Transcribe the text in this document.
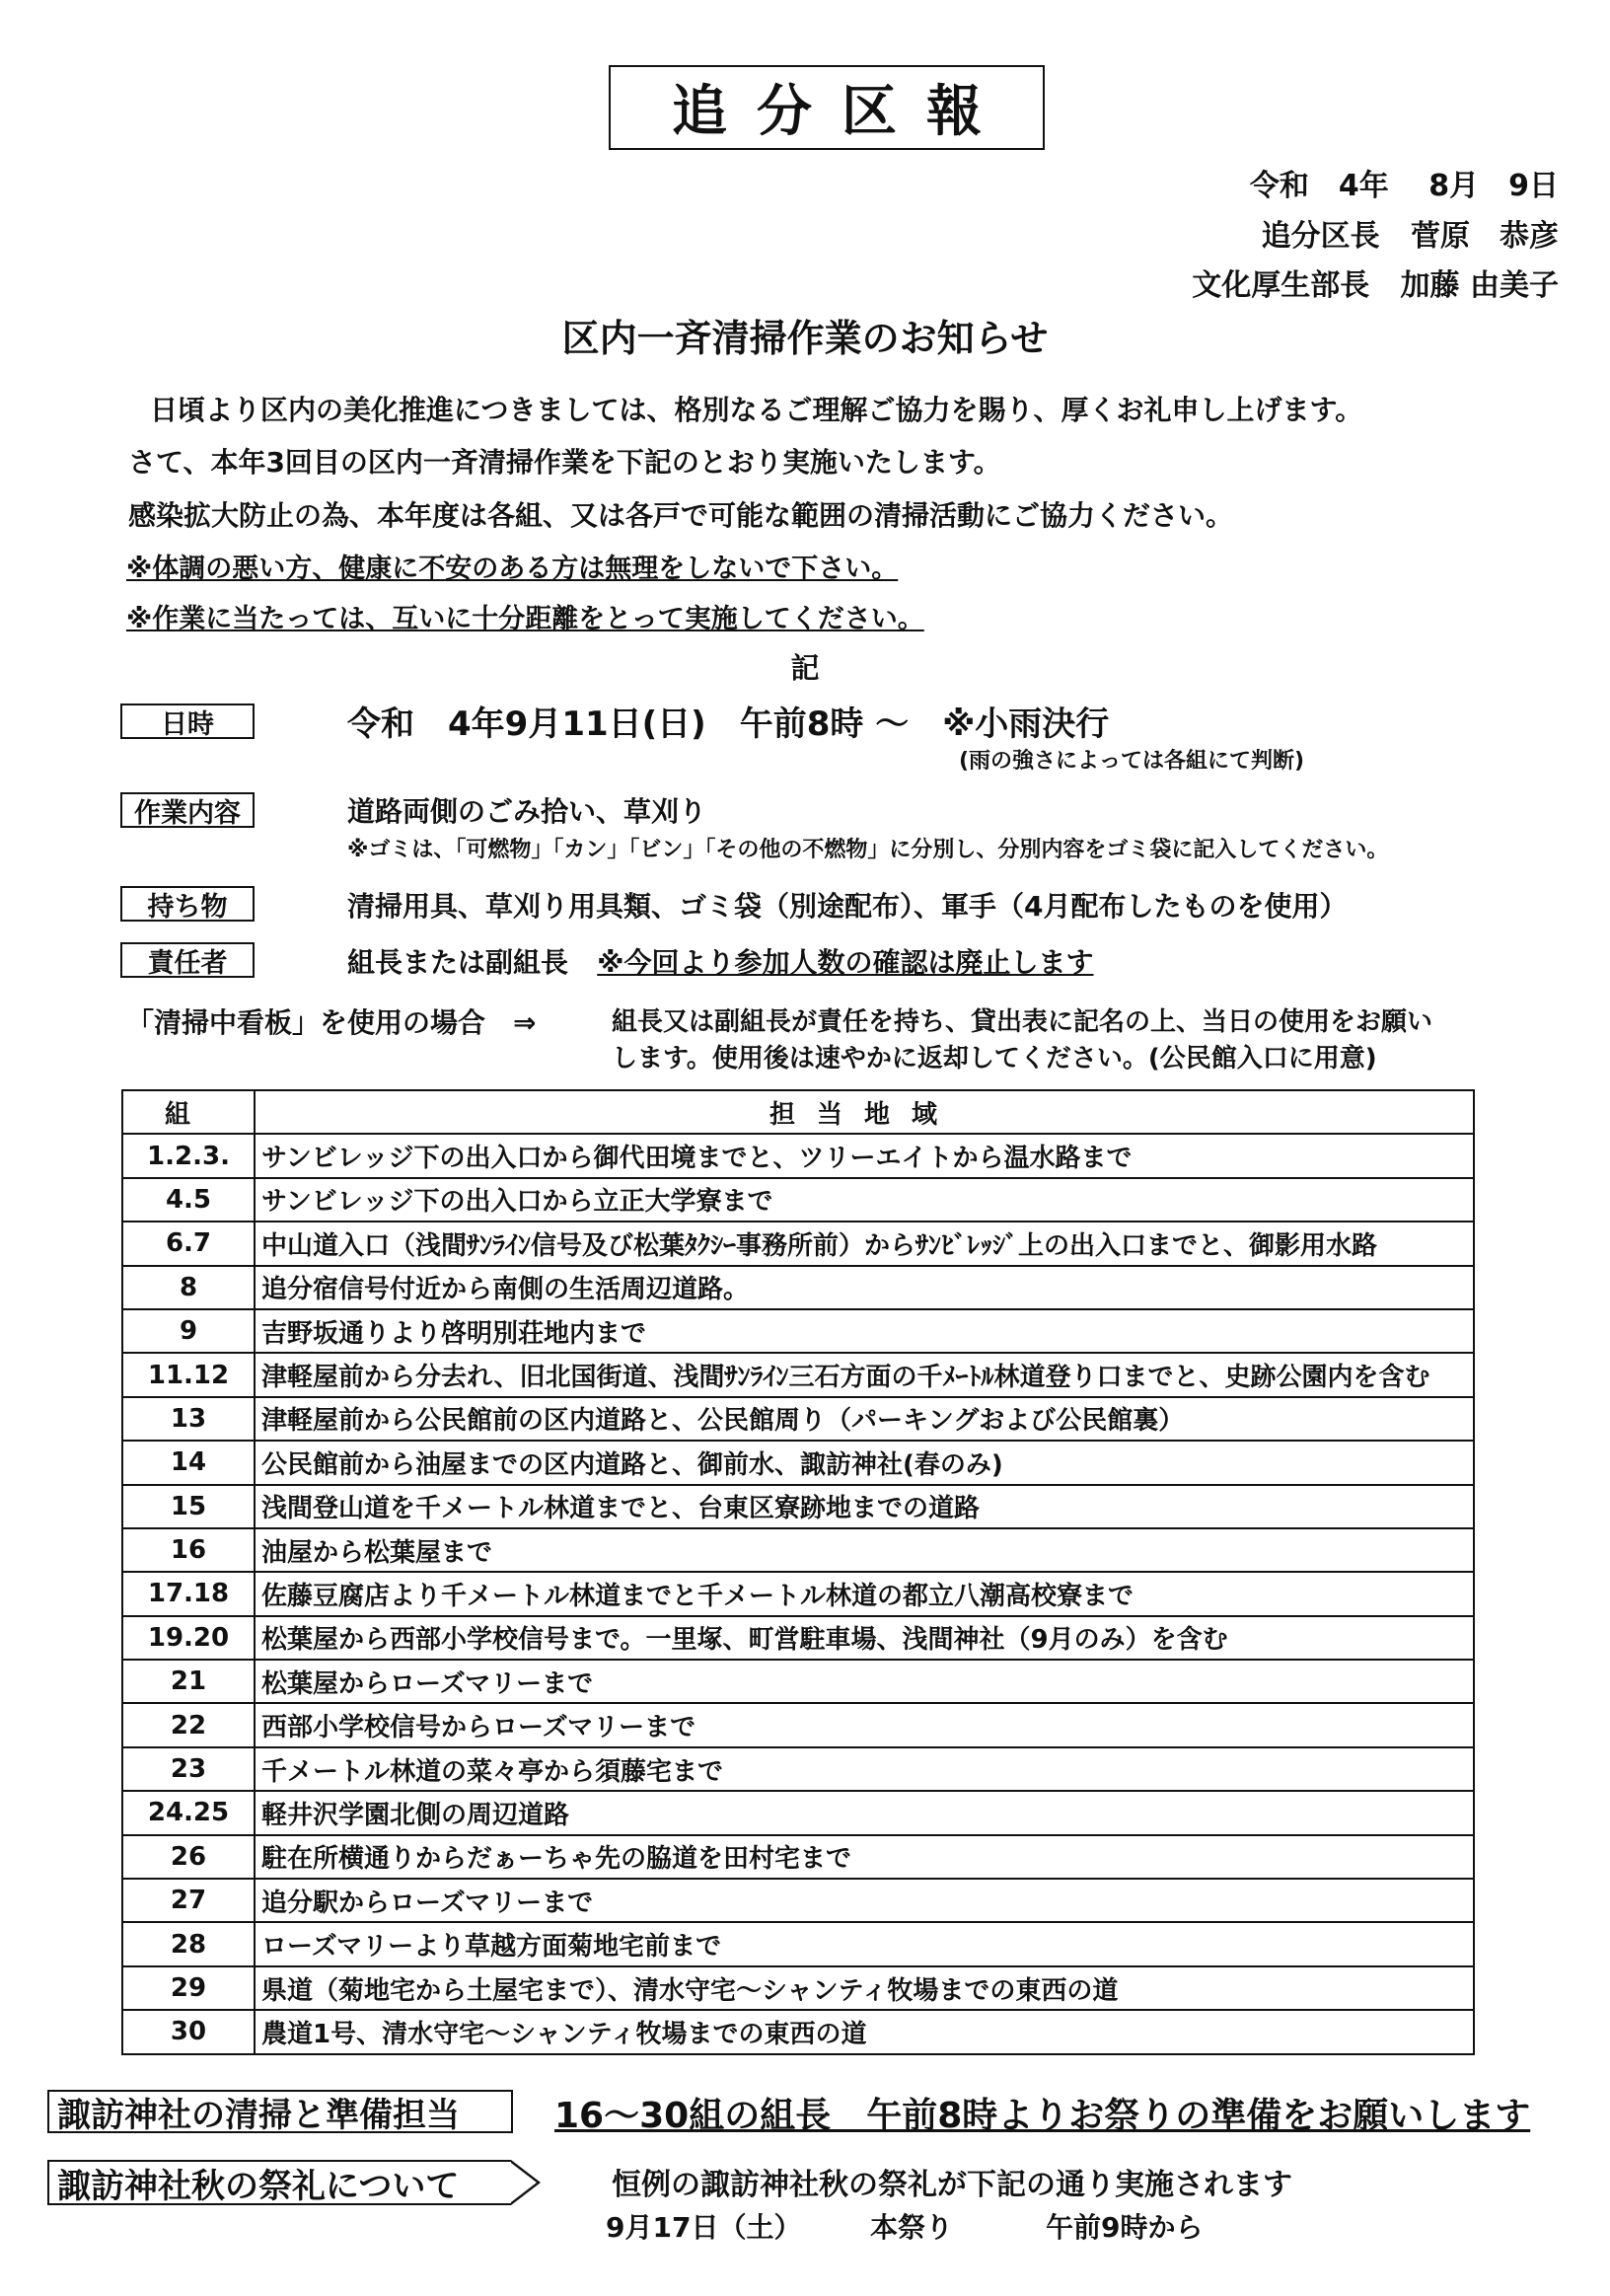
追分区報
令和　4年　 8月　9日
追分区長 菅原　恭彦
文化厚生部長 加藤 由美子
区内一斉清掃作業のお知らせ
日頃より区内の美化推進につきましては、格別なるご理解ご協力を賜り、厚くお礼申し上げます。
さて、本年3回目の区内一斉清掃作業を下記のとおり実施いたします。
感染拡大防止の為、本年度は各組、又は各戸で可能な範囲の清掃活動にご協力ください。
※体調の悪い方、健康に不安のある方は無理をしないで下さい。
※作業に当たっては、互いに十分距離をとって実施してください。
記
日時	令和　4年9月11日(日)　午前8時 ～　※小雨決行
(雨の強さによっては各組にて判断)
作業内容	道路両側のごみ拾い、草刈り
※ゴミは、「可燃物」「カン」「ビン」「その他の不燃物」に分別し、分別内容をゴミ袋に記入してください。
持ち物	清掃用具、草刈り用具類、ゴミ袋（別途配布）、軍手（4月配布したものを使用）
責任者	組長または副組長 ※今回より参加人数の確認は廃止します
「清掃中看板」を使用の場合　⇒	組長又は副組長が責任を持ち、貸出表に記名の上、当日の使用をお願い
します。使用後は速やかに返却してください。(公民館入口に用意)
組	担当地域
1.2.3.	サンビレッジ下の出入口から御代田境までと、ツリーエイトから温水路まで
4.5	サンビレッジ下の出入口から立正大学寮まで
6.7	中山道入口（浅間ｻﾝﾗｲﾝ信号及び松葉ﾀｸｼｰ事務所前）からｻﾝﾋﾞﾚｯｼﾞ上の出入口までと、御影用水路
8	追分宿信号付近から南側の生活周辺道路。
9	吉野坂通りより啓明別荘地内まで
11.12	津軽屋前から分去れ、旧北国街道、浅間ｻﾝﾗｲﾝ三石方面の千ﾒｰﾄﾙ林道登り口までと、史跡公園内を含む
13	津軽屋前から公民館前の区内道路と、公民館周り（パーキングおよび公民館裏）
14	公民館前から油屋までの区内道路と、御前水、諏訪神社(春のみ)
15	浅間登山道を千メートル林道までと、台東区寮跡地までの道路
16	油屋から松葉屋まで
17.18	佐藤豆腐店より千メートル林道までと千メートル林道の都立八潮高校寮まで
19.20	松葉屋から西部小学校信号まで。一里塚、町営駐車場、浅間神社（9月のみ）を含む
21	松葉屋からローズマリーまで
22	西部小学校信号からローズマリーまで
23	千メートル林道の菜々亭から須藤宅まで
24.25	軽井沢学園北側の周辺道路
26	駐在所横通りからだぁーちゃ先の脇道を田村宅まで
27	追分駅からローズマリーまで
28	ローズマリーより草越方面菊地宅前まで
29	県道（菊地宅から土屋宅まで）、清水守宅～シャンティ牧場までの東西の道
30	農道1号、清水守宅～シャンティ牧場までの東西の道
諏訪神社の清掃と準備担当	16～30組の組長　午前8時よりお祭りの準備をお願いします
諏訪神社秋の祭礼について	恒例の諏訪神社秋の祭礼が下記の通り実施されます
9月17日（土） 本祭り	午前9時から
